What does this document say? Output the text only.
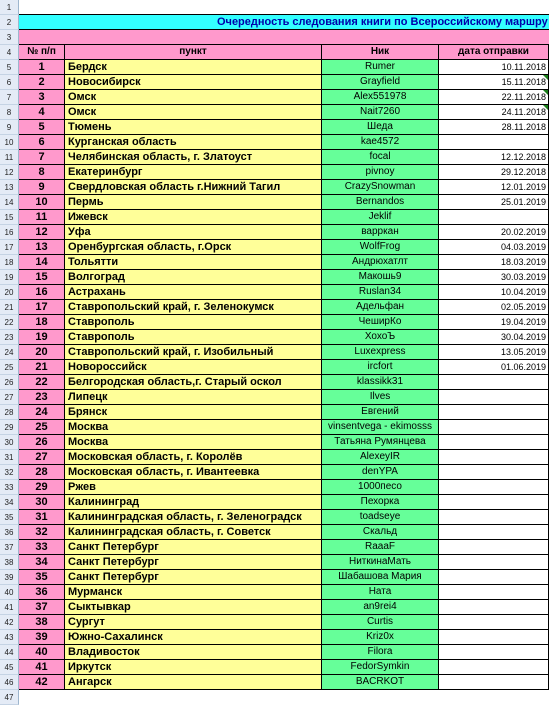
1
2	Очередность следования книги по Всероссийскому маршру
3
4	№ п/п	пункт	Ник	дата отправки
5	1	Бердск	Rumer	10.11.2018
6	2	Новосибирск	Grayfield	15.11.2018
7	3	Омск	Alex551978	22.11.2018
8	4	Омск	Nait7260	24.11.2018
9	5	Тюмень	Шеда	28.11.2018
10	6	Курганская область	kae4572
11	7	Челябинская область, г. Златоуст	focal	12.12.2018
12	8	Екатеринбург	pivnoy	29.12.2018
13	9	Свердловская область г.Нижний Тагил	CrazySnowman	12.01.2019
14	10	Пермь	Bernandos	25.01.2019
15	11	Ижевск	Jeklif
16	12	Уфа	варркан	20.02.2019
17	13	Оренбургская область, г.Орск	WolfFrog	04.03.2019
18	14	Тольятти	Андрюхатлт	18.03.2019
19	15	Волгоград	Макошь9	30.03.2019
20	16	Астрахань	Ruslan34	10.04.2019
21	17	Ставропольский край, г. Зеленокумск	Адельфан	02.05.2019
22	18	Ставрополь	ЧеширКо	19.04.2019
23	19	Ставрополь	ХохоЪ	30.04.2019
24	20	Ставропольский край, г. Изобильный	Luxexpress	13.05.2019
25	21	Новороссийск	ircfort	01.06.2019
26	22	Белгородская область,г. Старый оскол	klassikk31
27	23	Липецк	Ilves
28	24	Брянск	Евгений
29	25	Москва	vinsentvega - ekimosss
30	26	Москва	Татьяна Румянцева
31	27	Московская область, г. Королёв	AlexeyIR
32	28	Московская область, г. Ивантеевка	denYPA
33	29	Ржев	1000песо
34	30	Калининград	Пехорка
35	31	Калининградская область, г. Зеленоградск	toadseye
36	32	Калининградская область, г. Советск	Скальд
37	33	Санкт Петербург	RaaaF
38	34	Санкт Петербург	НиткинаМать
39	35	Санкт Петербург	Шабашова Мария
40	36	Мурманск	Ната
41	37	Сыктывкар	an9rei4
42	38	Сургут	Curtis
43	39	Южно-Сахалинск	Kriz0x
44	40	Владивосток	Filora
45	41	Иркутск	FedorSymkin
46	42	Ангарск	BACRKOT
47
